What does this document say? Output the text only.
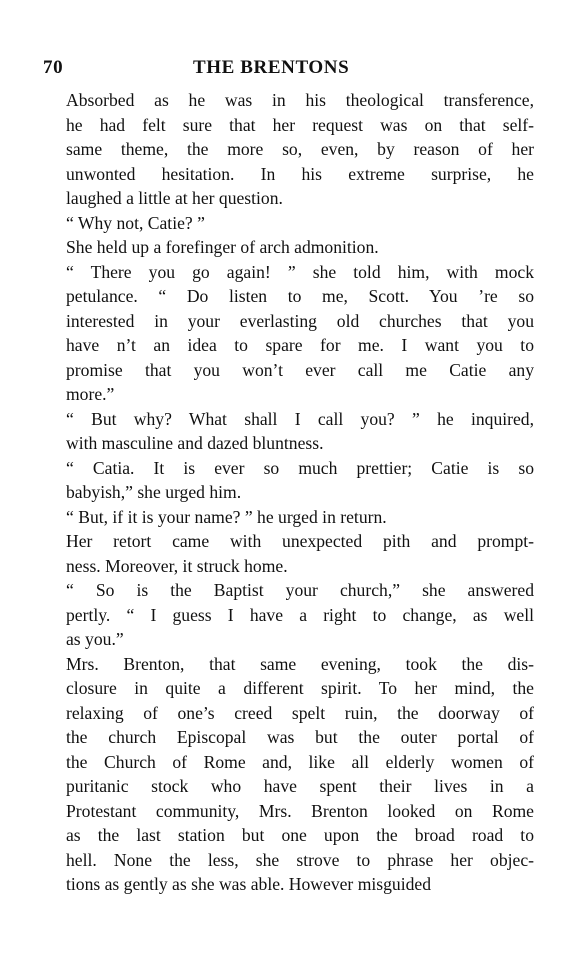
70	THE BRENTONS

Absorbed as he was in his theological transference,
he had felt sure that her request was on that self-
same theme, the more so, even, by reason of her
unwonted hesitation. In his extreme surprise, he
laughed a little at her question.

“ Why not, Catie? ”

She held up a forefinger of arch admonition.

“ There you go again! ” she told him, with mock
petulance. “ Do listen to me, Scott. You ’re so
interested in your everlasting old churches that you
have n’t an idea to spare for me. I want you to
promise that you won’t ever call me Catie any
more.”

“ But why? What shall I call you? ” he inquired,
with masculine and dazed bluntness.

“ Catia. It is ever so much prettier; Catie is so
babyish,” she urged him.

“ But, if it is your name? ” he urged in return.

Her retort came with unexpected pith and prompt-
ness. Moreover, it struck home.

“ So is the Baptist your church,” she answered
pertly. “ I guess I have a right to change, as well
as you.”

Mrs. Brenton, that same evening, took the dis-
closure in quite a different spirit. To her mind, the
relaxing of one’s creed spelt ruin, the doorway of
the church Episcopal was but the outer portal of
the Church of Rome and, like all elderly women of
puritanic stock who have spent their lives in a
Protestant community, Mrs. Brenton looked on Rome
as the last station but one upon the broad road to
hell. None the less, she strove to phrase her objec-
tions as gently as she was able. However misguided
